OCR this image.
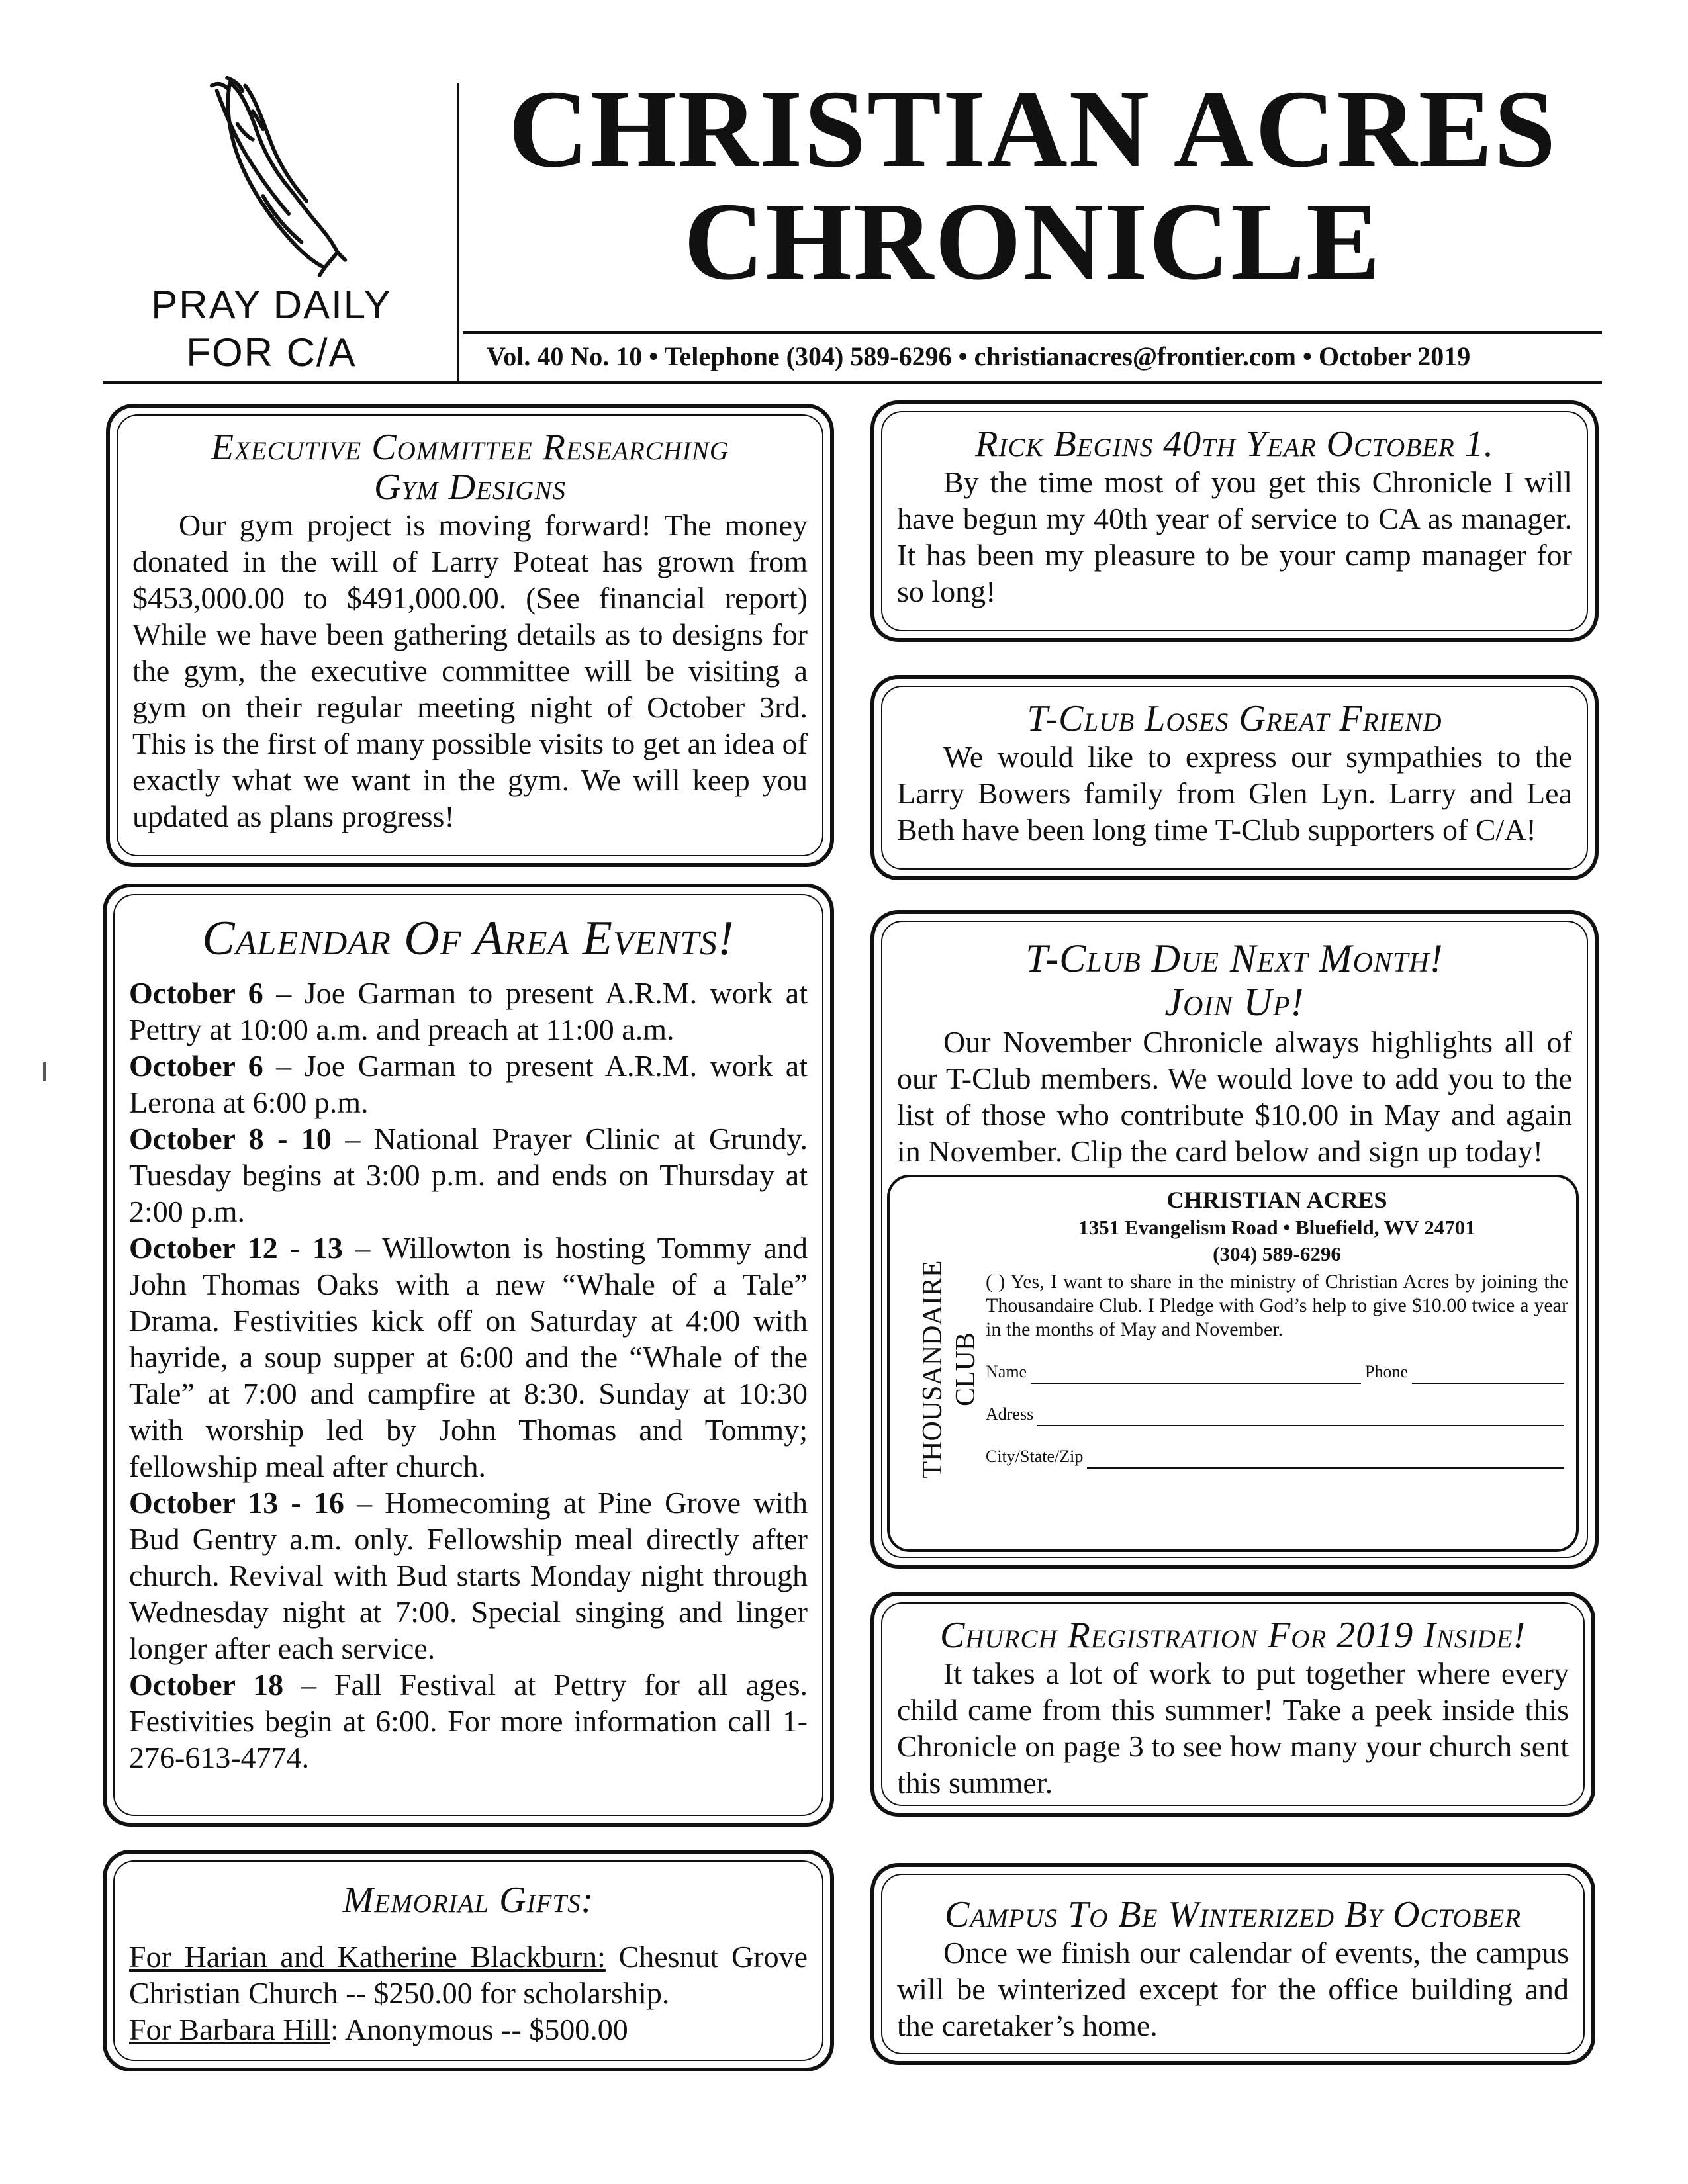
PRAY DAILY
FOR C/A
CHRISTIAN ACRES
CHRONICLE
Vol. 40 No. 10 • Telephone (304) 589-6296 • christianacres@frontier.com • October 2019
Executive Committee Researching
Gym Designs

Our gym project is moving forward! The money donated in the will of Larry Poteat has grown from $453,000.00 to $491,000.00. (See financial report) While we have been gathering details as to designs for the gym, the executive committee will be visiting a gym on their regular meeting night of October 3rd. This is the first of many possible visits to get an idea of exactly what we want in the gym. We will keep you updated as plans progress!

Calendar Of Area Events!

October 6 – Joe Garman to present A.R.M. work at Pettry at 10:00 a.m. and preach at 11:00 a.m.

October 6 – Joe Garman to present A.R.M. work at Lerona at 6:00 p.m.

October 8 - 10 – National Prayer Clinic at Grundy. Tuesday begins at 3:00 p.m. and ends on Thursday at 2:00 p.m.

October 12 - 13 – Willowton is hosting Tommy and John Thomas Oaks with a new “Whale of a Tale” Drama. Festivities kick off on Saturday at 4:00 with hayride, a soup supper at 6:00 and the “Whale of the Tale” at 7:00 and campfire at 8:30. Sunday at 10:30 with worship led by John Thomas and Tommy; fellowship meal after church.

October 13 - 16 – Homecoming at Pine Grove with Bud Gentry a.m. only. Fellowship meal directly after church. Revival with Bud starts Monday night through Wednesday night at 7:00. Special singing and linger longer after each service.

October 18 – Fall Festival at Pettry for all ages. Festivities begin at 6:00. For more information call 1-276-613-4774.

Memorial Gifts:

For Harian and Katherine Blackburn: Chesnut Grove Christian Church -- $250.00 for scholarship.

For Barbara Hill: Anonymous -- $500.00

Rick Begins 40th Year October 1.

By the time most of you get this Chronicle I will have begun my 40th year of service to CA as manager. It has been my pleasure to be your camp manager for so long!

T-Club Loses Great Friend

We would like to express our sympathies to the Larry Bowers family from Glen Lyn. Larry and Lea Beth have been long time T-Club supporters of C/A!

T-Club Due Next Month!
Join Up!

Our November Chronicle always highlights all of our T-Club members. We would love to add you to the list of those who contribute $10.00 in May and again in November. Clip the card below and sign up today!

THOUSANDAIRE CLUB
CHRISTIAN ACRES
1351 Evangelism Road • Bluefield, WV 24701
(304) 589-6296
( ) Yes, I want to share in the ministry of Christian Acres by joining the Thousandaire Club. I Pledge with God’s help to give $10.00 twice a year in the months of May and November.
Name	Phone
Adress
City/State/Zip
Church Registration For 2019 Inside!

It takes a lot of work to put together where every child came from this summer! Take a peek inside this Chronicle on page 3 to see how many your church sent this summer.

Campus To Be Winterized By October

Once we finish our calendar of events, the campus will be winterized except for the office building and the caretaker’s home.
